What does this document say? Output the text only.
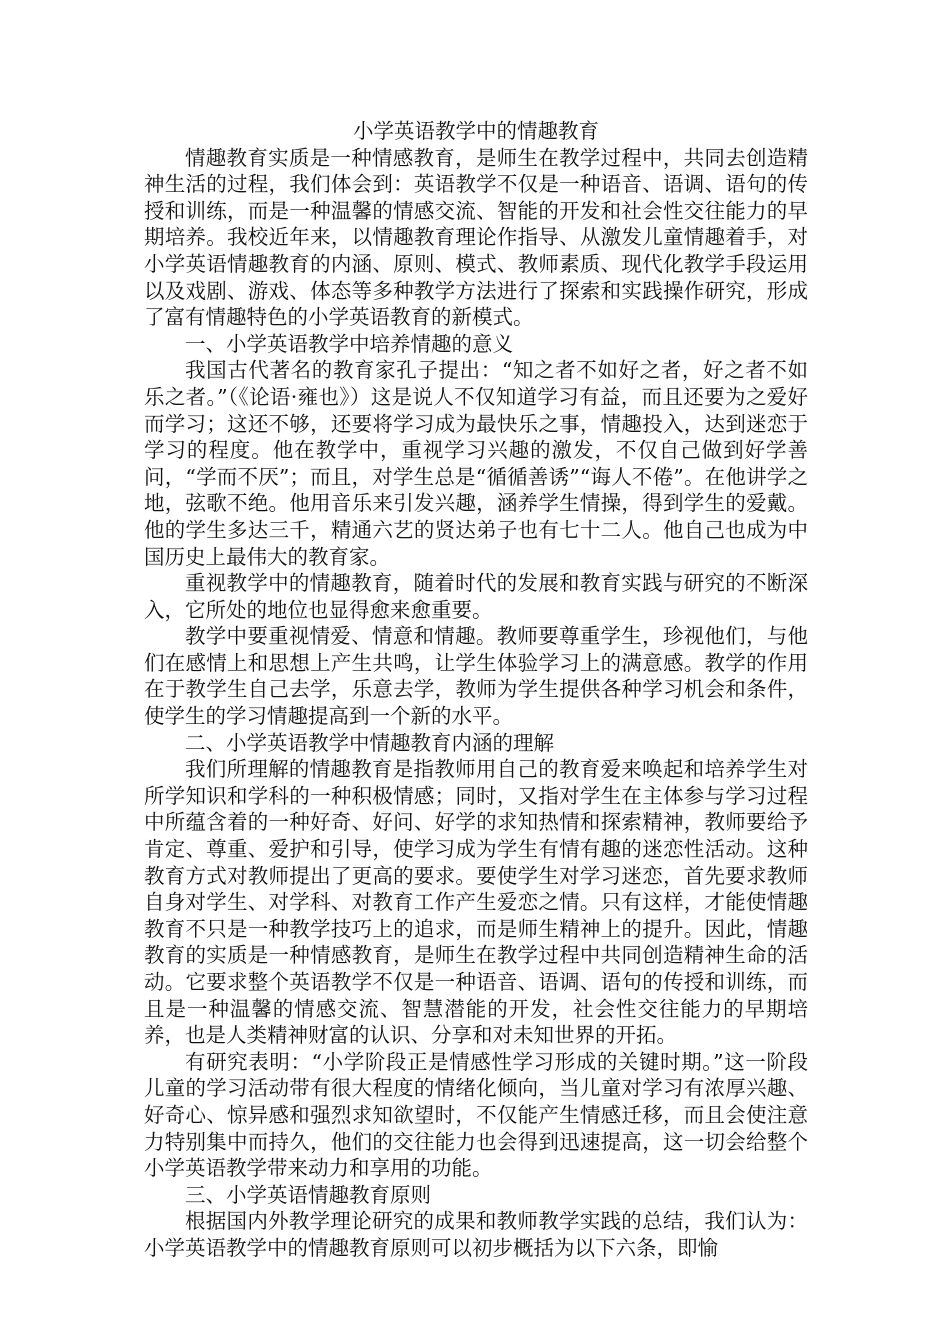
小学英语教学中的情趣教育

情趣教育实质是一种情感教育，是师生在教学过程中，共同去创造精神生活的过程，我们体会到：英语教学不仅是一种语音、语调、语句的传授和训练，而是一种温馨的情感交流、智能的开发和社会性交往能力的早期培养。我校近年来，以情趣教育理论作指导、从激发儿童情趣着手，对小学英语情趣教育的内涵、原则、模式、教师素质、现代化教学手段运用以及戏剧、游戏、体态等多种教学方法进行了探索和实践操作研究，形成了富有情趣特色的小学英语教育的新模式。

一、小学英语教学中培养情趣的意义

我国古代著名的教育家孔子提出：“知之者不如好之者，好之者不如乐之者。”（《论语·雍也》）这是说人不仅知道学习有益，而且还要为之爱好而学习；这还不够，还要将学习成为最快乐之事，情趣投入，达到迷恋于学习的程度。他在教学中，重视学习兴趣的激发，不仅自己做到好学善问，“学而不厌”；而且，对学生总是“循循善诱”“诲人不倦”。在他讲学之地，弦歌不绝。他用音乐来引发兴趣，涵养学生情操，得到学生的爱戴。他的学生多达三千，精通六艺的贤达弟子也有七十二人。他自己也成为中国历史上最伟大的教育家。

重视教学中的情趣教育，随着时代的发展和教育实践与研究的不断深入，它所处的地位也显得愈来愈重要。

教学中要重视情爱、情意和情趣。教师要尊重学生，珍视他们，与他们在感情上和思想上产生共鸣，让学生体验学习上的满意感。教学的作用在于教学生自己去学，乐意去学，教师为学生提供各种学习机会和条件，使学生的学习情趣提高到一个新的水平。

二、小学英语教学中情趣教育内涵的理解

我们所理解的情趣教育是指教师用自己的教育爱来唤起和培养学生对所学知识和学科的一种积极情感；同时，又指对学生在主体参与学习过程中所蕴含着的一种好奇、好问、好学的求知热情和探索精神，教师要给予肯定、尊重、爱护和引导，使学习成为学生有情有趣的迷恋性活动。这种教育方式对教师提出了更高的要求。要使学生对学习迷恋，首先要求教师自身对学生、对学科、对教育工作产生爱恋之情。只有这样，才能使情趣教育不只是一种教学技巧上的追求，而是师生精神上的提升。因此，情趣教育的实质是一种情感教育，是师生在教学过程中共同创造精神生命的活动。它要求整个英语教学不仅是一种语音、语调、语句的传授和训练，而且是一种温馨的情感交流、智慧潜能的开发，社会性交往能力的早期培养，也是人类精神财富的认识、分享和对未知世界的开拓。

有研究表明：“小学阶段正是情感性学习形成的关键时期。”这一阶段儿童的学习活动带有很大程度的情绪化倾向，当儿童对学习有浓厚兴趣、好奇心、惊异感和强烈求知欲望时，不仅能产生情感迁移，而且会使注意力特别集中而持久，他们的交往能力也会得到迅速提高，这一切会给整个小学英语教学带来动力和享用的功能。

三、小学英语情趣教育原则

根据国内外教学理论研究的成果和教师教学实践的总结，我们认为：小学英语教学中的情趣教育原则可以初步概括为以下六条，即愉
